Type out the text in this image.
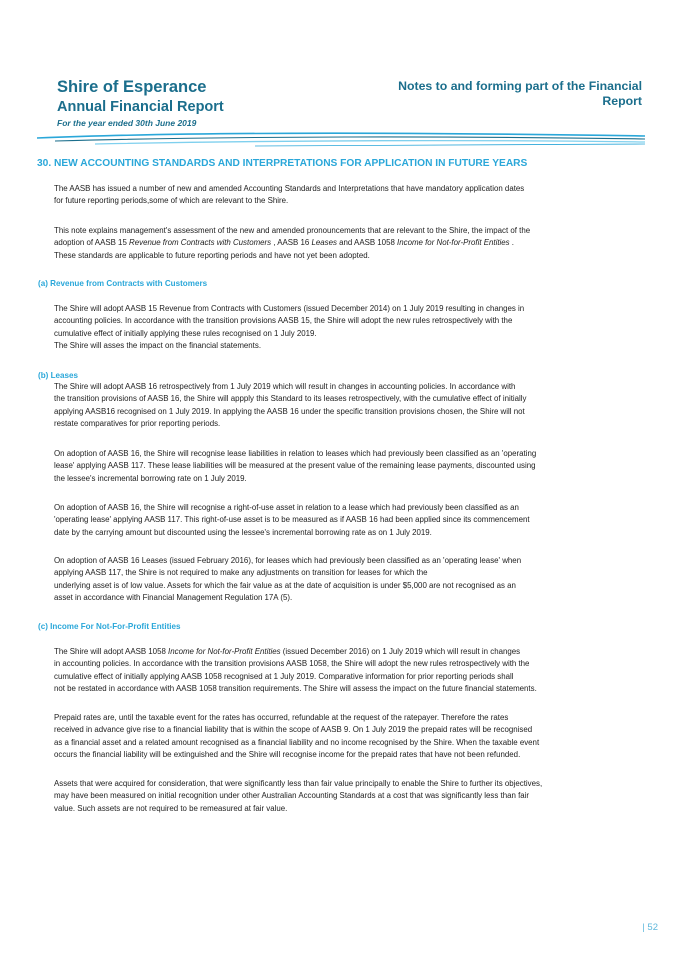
Shire of Esperance
Annual Financial Report
For the year ended 30th June 2019
Notes to and forming part of the Financial
Report
30. NEW ACCOUNTING STANDARDS AND INTERPRETATIONS FOR APPLICATION IN FUTURE YEARS
The AASB has issued a number of new and amended Accounting Standards and Interpretations that have mandatory application dates
for future reporting periods,some of which are relevant to the Shire.
This note explains management's assessment of the new and amended pronouncements that are relevant to the Shire, the impact of the
adoption of AASB 15 Revenue from Contracts with Customers , AASB 16 Leases and AASB 1058 Income for Not-for-Profit Entities .
These standards are applicable to future reporting periods and have not yet been adopted.
(a) Revenue from Contracts with Customers
The Shire will adopt AASB 15 Revenue from Contracts with Customers (issued December 2014) on 1 July 2019 resulting in changes in
accounting policies. In accordance with the transition provisions AASB 15, the Shire will adopt the new rules retrospectively with the
cumulative effect of initially applying these rules recognised on 1 July 2019.
The Shire will asses the impact on the financial statements.
(b) Leases
The Shire will adopt AASB 16 retrospectively from 1 July 2019 which will result in changes in accounting policies. In accordance with
the transition provisions of AASB 16, the Shire will appply this Standard to its leases retrospectively, with the cumulative effect of initially
applying AASB16 recognised on 1 July 2019. In applying the AASB 16 under the specific transition provisions chosen, the Shire will not
restate comparatives for prior reporting periods.
On adoption of AASB 16, the Shire will recognise lease liabilities in relation to leases which had previously been classified as an 'operating
lease' applying AASB 117. These lease liabilities will be measured at the present value of the remaining lease payments, discounted using
the lessee's incremental borrowing rate on 1 July 2019.
On adoption of AASB 16, the Shire will recognise a right-of-use asset in relation to a lease which had previously been classified as an
'operating lease' applying AASB 117. This right-of-use asset is to be measured as if AASB 16 had been applied since its commencement
date by the carrying amount but discounted using the lessee's incremental borrowing rate as on 1 July 2019.
On adoption of AASB 16 Leases (issued February 2016), for leases which had previously been classified as an 'operating lease' when
applying AASB 117, the Shire is not required to make any adjustments on transition for leases for which the
underlying asset is of low value. Assets for which the fair value as at the date of acquisition is under $5,000 are not recognised as an
asset in accordance with Financial Management Regulation 17A (5).
(c) Income For Not-For-Profit Entities
The Shire will adopt AASB 1058 Income for Not-for-Profit Entities (issued December 2016) on 1 July 2019 which will result in changes
in accounting policies. In accordance with the transition provisions AASB 1058, the Shire will adopt the new rules retrospectively with the
cumulative effect of initially applying AASB 1058 recognised at 1 July 2019. Comparative information for prior reporting periods shall
not be restated in accordance with AASB 1058 transition requirements. The Shire will assess the impact on the future financial statements.
Prepaid rates are, until the taxable event for the rates has occurred, refundable at the request of the ratepayer. Therefore the rates
received in advance give rise to a financial liability that is within the scope of AASB 9. On 1 July 2019 the prepaid rates will be recognised
as a financial asset and a related amount recognised as a financial liability and no income recognised by the Shire. When the taxable event
occurs the financial liability will be extinguished and the Shire will recognise income for the prepaid rates that have not been refunded.
Assets that were acquired for consideration, that were significantly less than fair value principally to enable the Shire to further its objectives,
may have been measured on initial recognition under other Australian Accounting Standards at a cost that was significantly less than fair
value. Such assets are not required to be remeasured at fair value.
| 52
